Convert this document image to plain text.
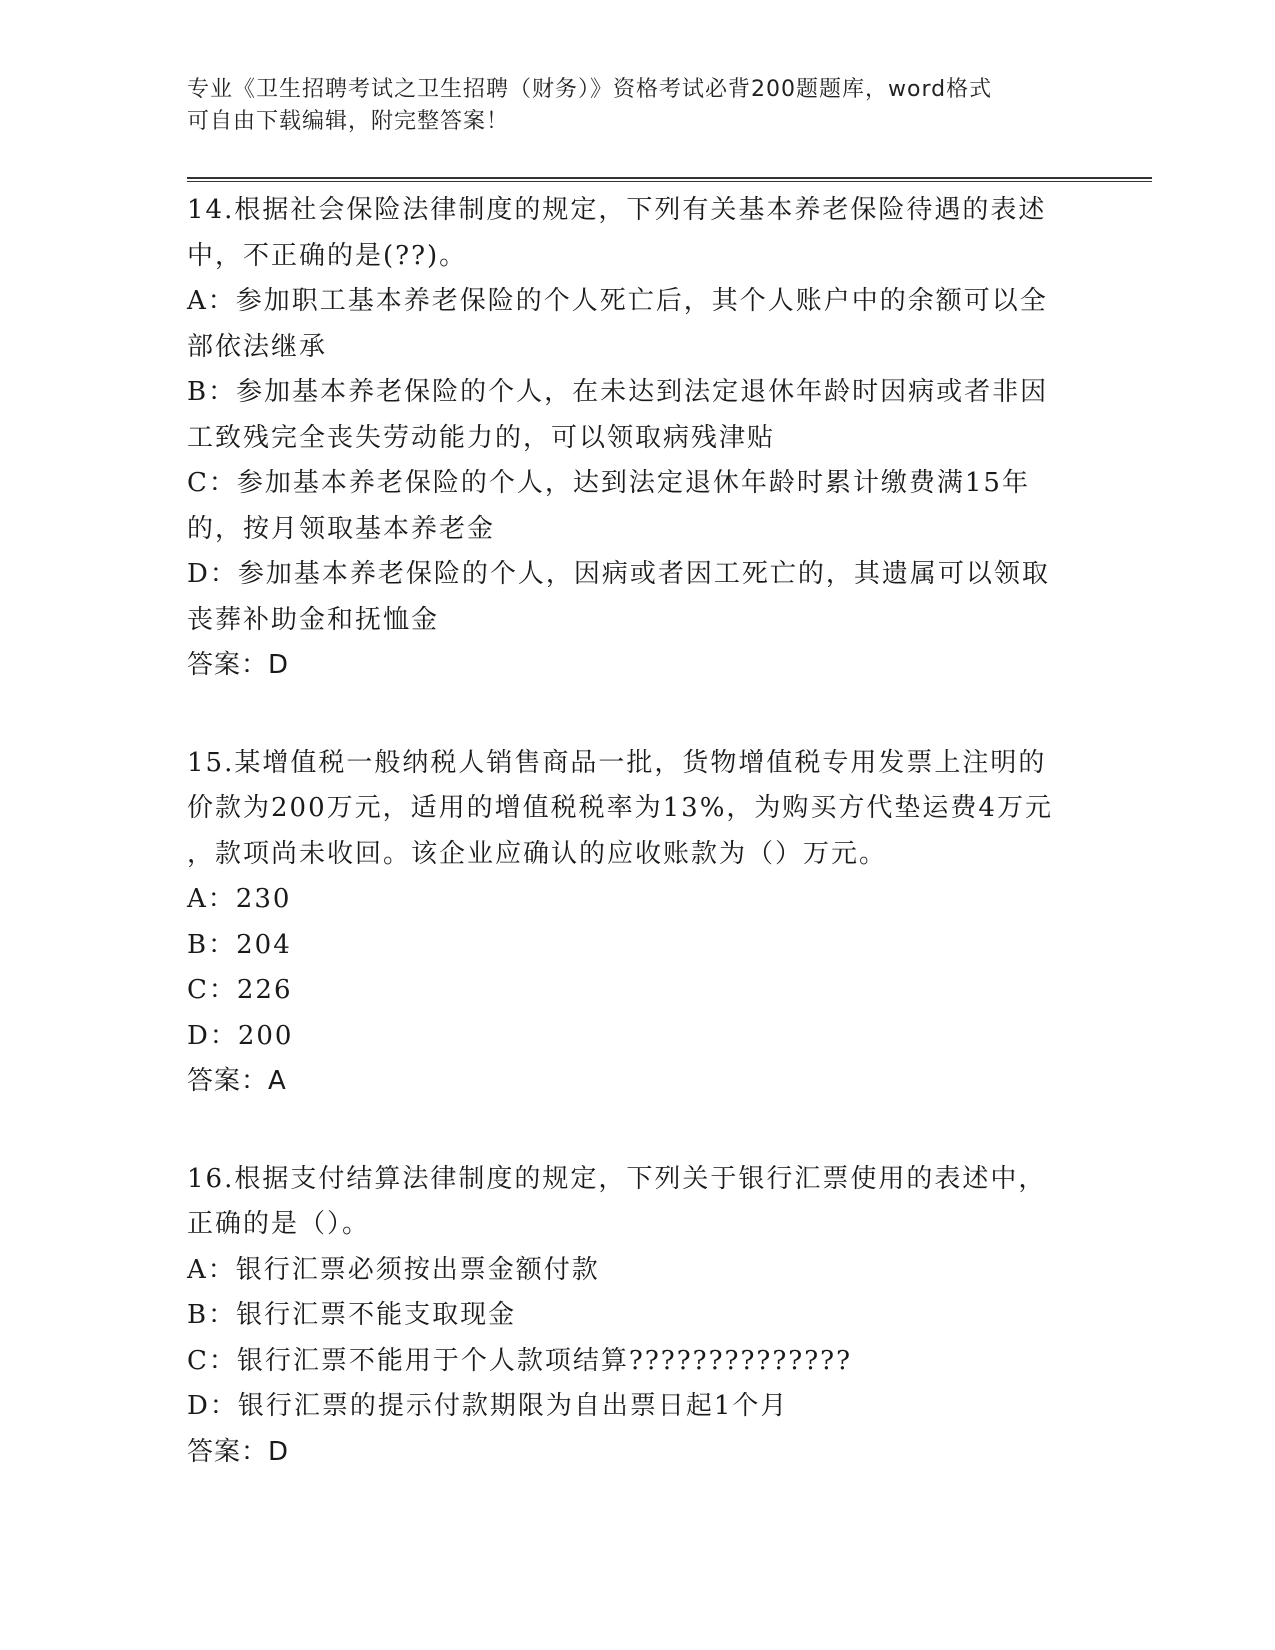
专业《卫生招聘考试之卫生招聘（财务）》资格考试必背200题题库，word格式
可自由下载编辑，附完整答案！
14.根据社会保险法律制度的规定，下列有关基本养老保险待遇的表述
中，不正确的是(??)。
A：参加职工基本养老保险的个人死亡后，其个人账户中的余额可以全
部依法继承
B：参加基本养老保险的个人，在未达到法定退休年龄时因病或者非因
工致残完全丧失劳动能力的，可以领取病残津贴
C：参加基本养老保险的个人，达到法定退休年龄时累计缴费满15年
的，按月领取基本养老金
D：参加基本养老保险的个人，因病或者因工死亡的，其遗属可以领取
丧葬补助金和抚恤金
答案：D
15.某增值税一般纳税人销售商品一批，货物增值税专用发票上注明的
价款为200万元，适用的增值税税率为13%，为购买方代垫运费4万元
，款项尚未收回。该企业应确认的应收账款为（）万元。
A：230
B：204
C：226
D：200
答案：A
16.根据支付结算法律制度的规定，下列关于银行汇票使用的表述中，
正确的是（）。
A：银行汇票必须按出票金额付款
B：银行汇票不能支取现金
C：银行汇票不能用于个人款项结算??????????????
D：银行汇票的提示付款期限为自出票日起1个月
答案：D
